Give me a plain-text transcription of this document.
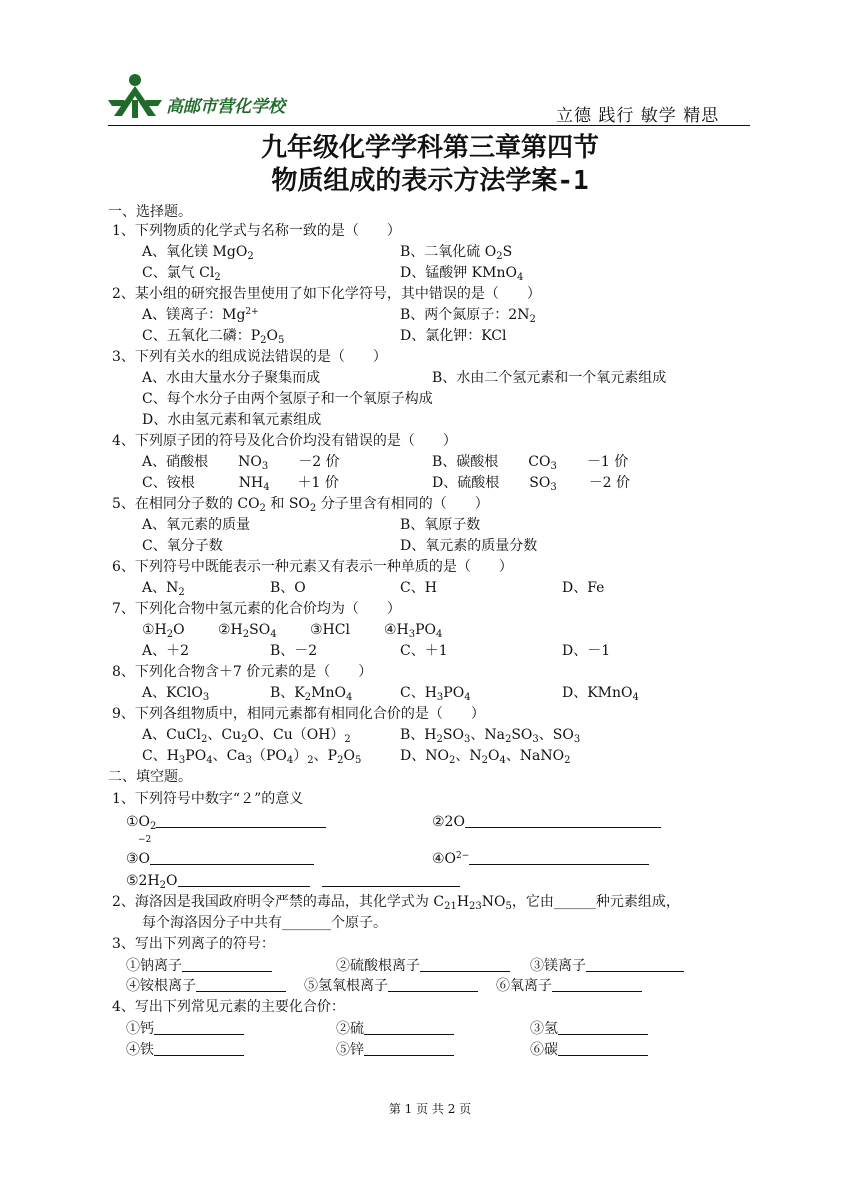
高邮市营化学校	立德 践行 敏学 精思
九年级化学学科第三章第四节
物质组成的表示方法学案-1
一、选择题。
1、下列物质的化学式与名称一致的是（　　）
A、氧化镁 MgO$_2$	B、二氧化硫 $O_2S$
C、氯气 $Cl_2$	D、锰酸钾 KMnO$_4$
2、某小组的研究报告里使用了如下化学符号，其中错误的是（　　）
A、镁离子：$Mg^{2+}$	B、两个氮原子：$2N_2$
C、五氧化二磷：$P_2O_5$	D、氯化钾：KCl
3、下列有关水的组成说法错误的是（　　）
A、水由大量水分子聚集而成	B、水由二个氢元素和一个氧元素组成
C、每个水分子由两个氢原子和一个氧原子构成
D、水由氢元素和氧元素组成
4、下列原子团的符号及化合价均没有错误的是（　　）
A、硝酸根 $NO_3 -2$ 价	B、碳酸根 $CO_3 -1$ 价
C、铵根	$NH_4 +1$ 价	D、硫酸根 $SO_3 -2$ 价
5、在相同分子数的 $CO_2$ 和 $SO_2$ 分子里含有相同的（　　）
A、氧元素的质量	B、氧原子数
C、氧分子数	D、氧元素的质量分数
6、下列符号中既能表示一种元素又有表示一种单质的是（　　）
A、$N_2$	B、O	C、H	D、Fe
7、下列化合物中氢元素的化合价均为（　　）
$①H_2O$ $②H_2SO_4$ ③HCl $④H_3PO_4$
A、＋2	B、－2	C、＋1	D、－1
8、下列化合物含＋7 价元素的是（　　）
A、KClO$_3$	B、$K_2MnO_4$	C、$H_3PO_4$	D、KMnO$_4$
9、下列各组物质中，相同元素都有相同化合价的是（　　）
A、CuCl$_2$、$Cu_2O$、$Cu(OH)_2$	B、$H_2SO_3$、$Na_2SO_3$、$SO_3$
C、$H_3PO_4$、$Ca_3(PO_4)_2$、$P_2O_5$	D、$NO_2$、$N_2O_4$、NaNO$_2$
二、填空题。
1、下列符号中数字“２”的意义
$①O_2$	②2O
−2
③O	$④O^{2-}$
$⑤2H_2O$
2、海洛因是我国政府明令严禁的毒品，其化学式为 $C_{21}H_{23}NO_5$，它由______种元素组成，
每个海洛因分子中共有_______个原子。
3、写出下列离子的符号：
①钠离子	②硫酸根离子	③镁离子
④铵根离子	⑤氢氧根离子	⑥氧离子
4、写出下列常见元素的主要化合价：
①钙	②硫	③氢
④铁	⑤锌	⑥碳
第 1 页 共 2 页
